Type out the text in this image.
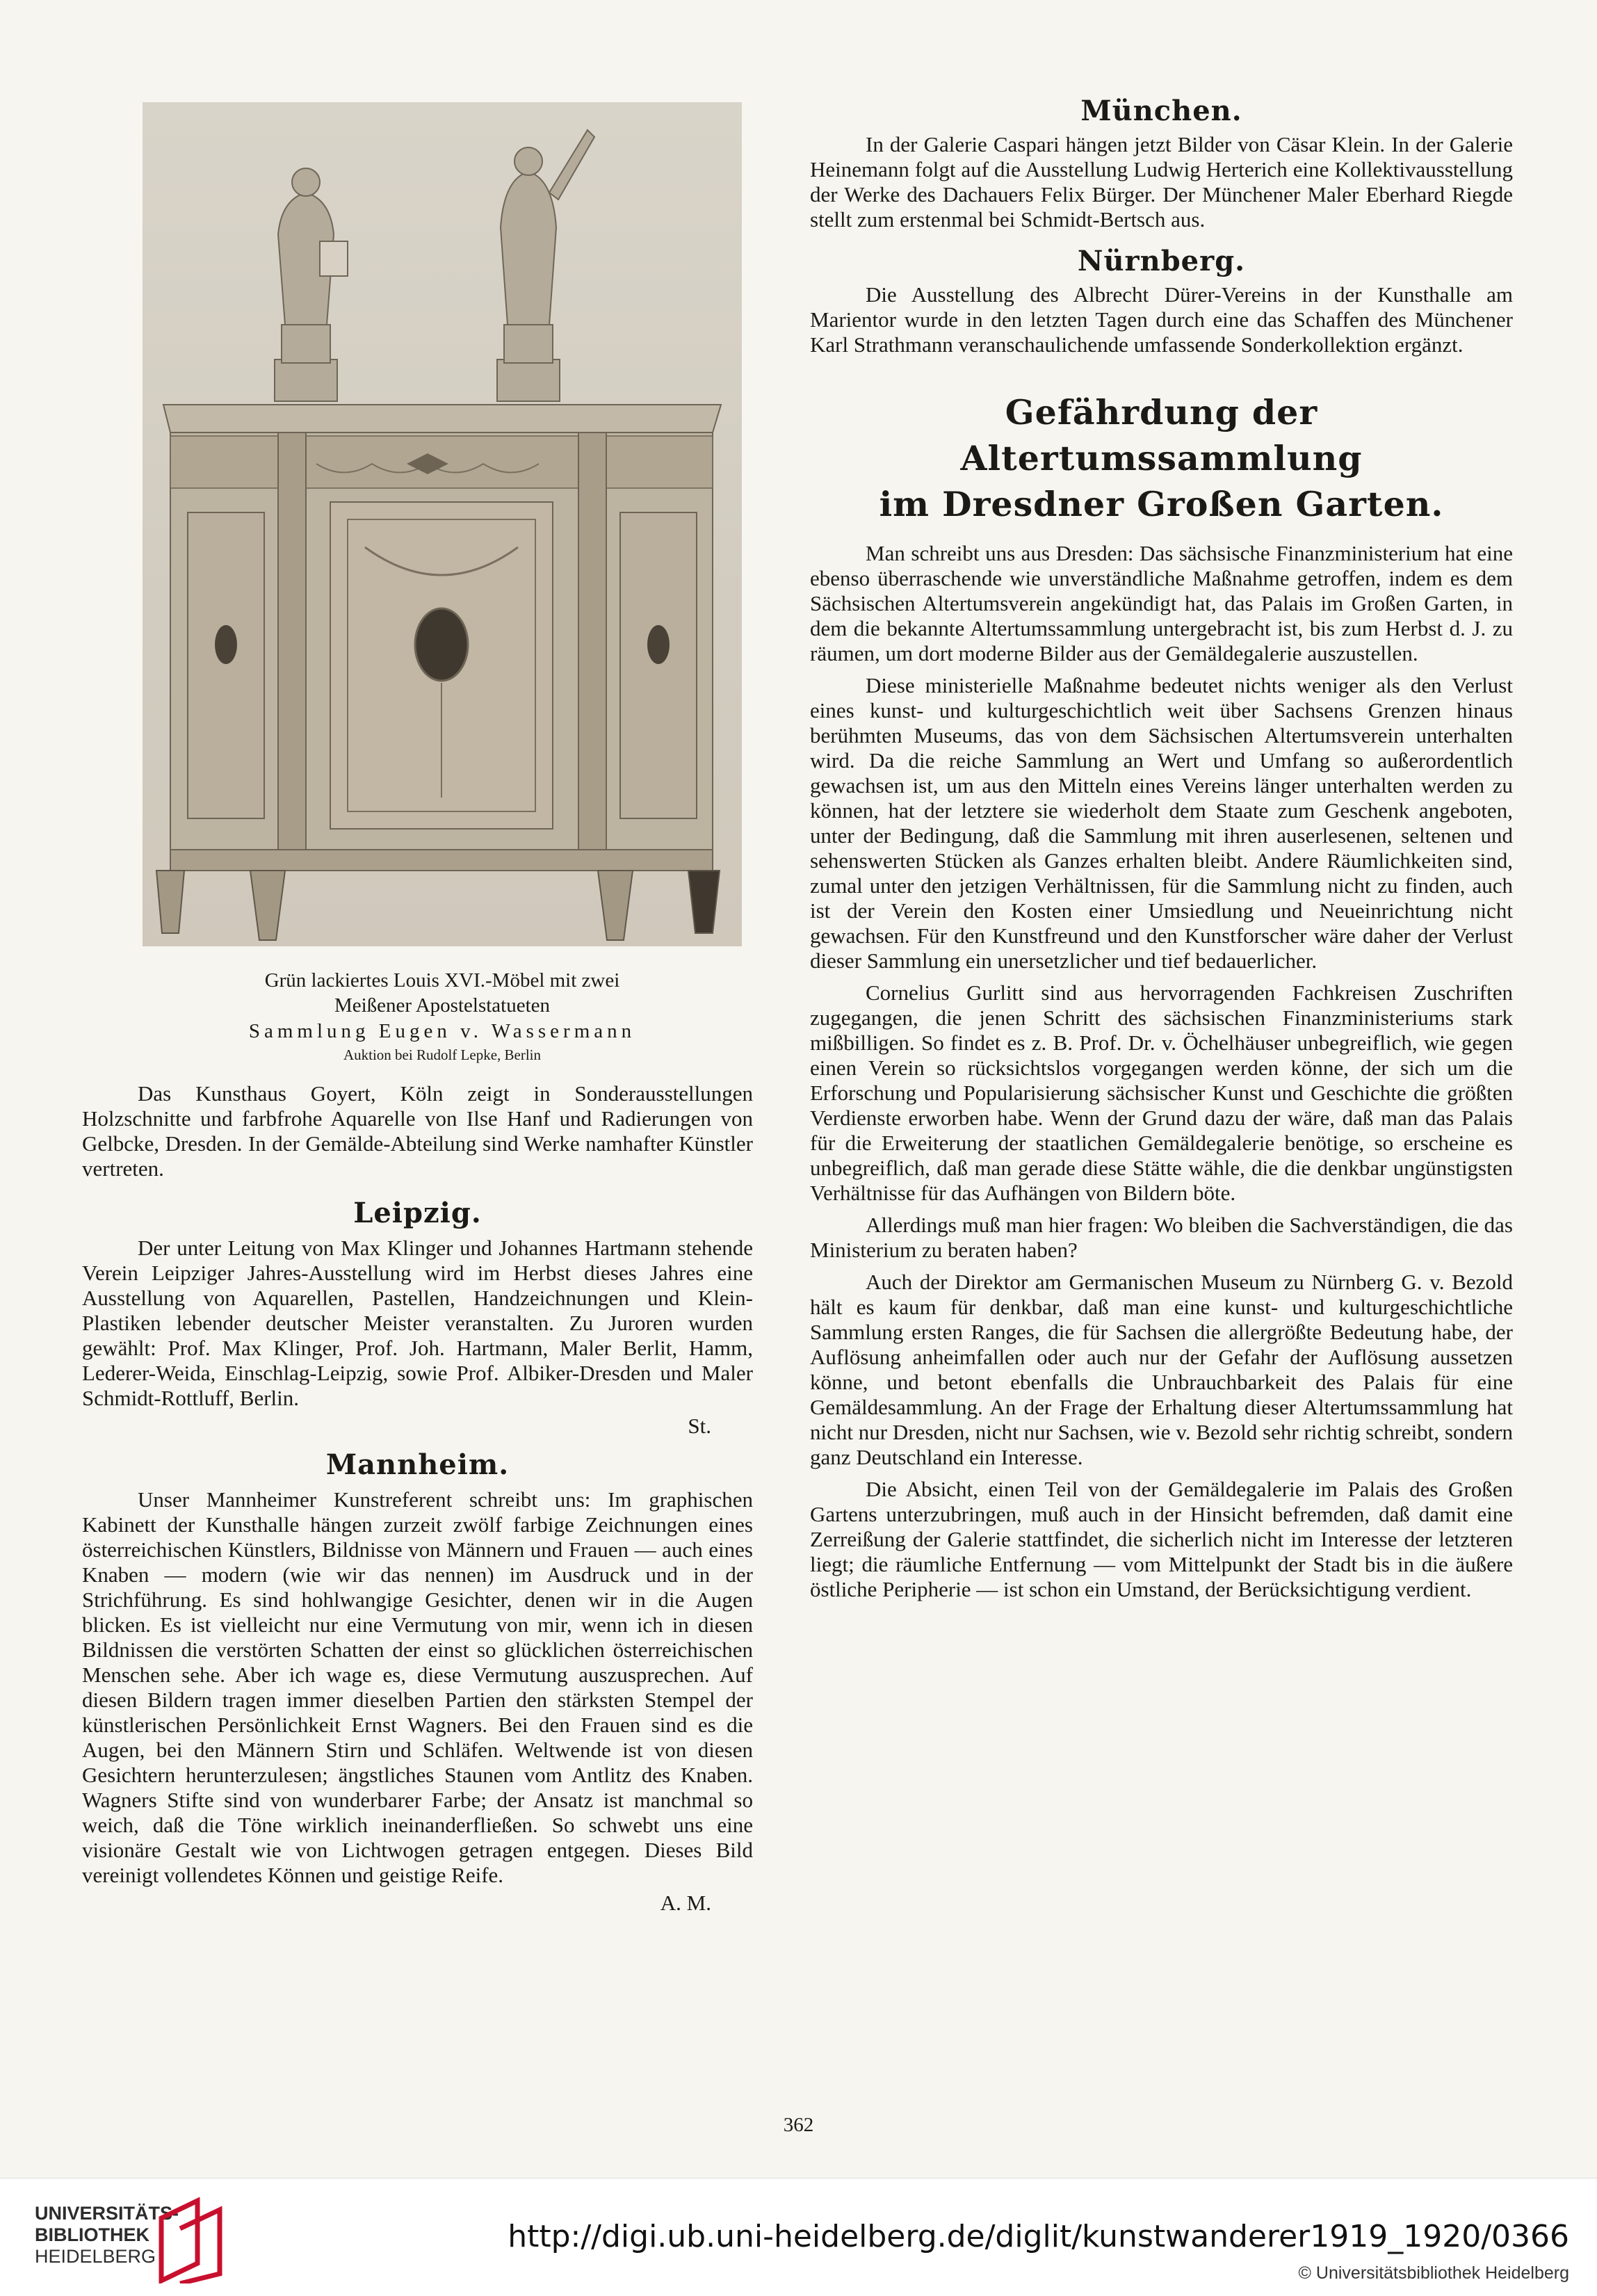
Grün lackiertes Louis XVI.-Möbel mit zwei
Meißener Apostelstatueten
Sammlung Eugen v. Wassermann
Auktion bei Rudolf Lepke, Berlin

Das Kunsthaus Goyert, Köln zeigt in Sonderausstellungen Holzschnitte und farbfrohe Aquarelle von Ilse Hanf und Radierungen von Gelbcke, Dresden. In der Gemälde-Abteilung sind Werke namhafter Künstler vertreten.

Leipzig.

Der unter Leitung von Max Klinger und Johannes Hartmann stehende Verein Leipziger Jahres-Ausstellung wird im Herbst dieses Jahres eine Ausstellung von Aquarellen, Pastellen, Handzeichnungen und Klein-Plastiken lebender deutscher Meister veranstalten. Zu Juroren wurden gewählt: Prof. Max Klinger, Prof. Joh. Hartmann, Maler Berlit, Hamm, Lederer-Weida, Einschlag-Leipzig, sowie Prof. Albiker-Dresden und Maler Schmidt-Rottluff, Berlin.

St.
Mannheim.

Unser Mannheimer Kunstreferent schreibt uns: Im graphischen Kabinett der Kunsthalle hängen zurzeit zwölf farbige Zeichnungen eines österreichischen Künstlers, Bildnisse von Männern und Frauen — auch eines Knaben — modern (wie wir das nennen) im Ausdruck und in der Strichführung. Es sind hohlwangige Gesichter, denen wir in die Augen blicken. Es ist vielleicht nur eine Vermutung von mir, wenn ich in diesen Bildnissen die verstörten Schatten der einst so glücklichen österreichischen Menschen sehe. Aber ich wage es, diese Vermutung auszusprechen. Auf diesen Bildern tragen immer dieselben Partien den stärksten Stempel der künstlerischen Persönlichkeit Ernst Wagners. Bei den Frauen sind es die Augen, bei den Männern Stirn und Schläfen. Weltwende ist von diesen Gesichtern herunterzulesen; ängstliches Staunen vom Antlitz des Knaben. Wagners Stifte sind von wunderbarer Farbe; der Ansatz ist manchmal so weich, daß die Töne wirklich ineinanderfließen. So schwebt uns eine visionäre Gestalt wie von Lichtwogen getragen entgegen. Dieses Bild vereinigt vollendetes Können und geistige Reife.

A. M.
München.

In der Galerie Caspari hängen jetzt Bilder von Cäsar Klein. In der Galerie Heinemann folgt auf die Ausstellung Ludwig Herterich eine Kollektivausstellung der Werke des Dachauers Felix Bürger. Der Münchener Maler Eberhard Riegde stellt zum erstenmal bei Schmidt-Bertsch aus.

Nürnberg.

Die Ausstellung des Albrecht Dürer-Vereins in der Kunsthalle am Marientor wurde in den letzten Tagen durch eine das Schaffen des Münchener Karl Strathmann veranschaulichende umfassende Sonderkollektion ergänzt.

Gefährdung der Altertumssammlung
im Dresdner Großen Garten.

Man schreibt uns aus Dresden: Das sächsische Finanzministerium hat eine ebenso überraschende wie unverständliche Maßnahme getroffen, indem es dem Sächsischen Altertumsverein angekündigt hat, das Palais im Großen Garten, in dem die bekannte Altertumssammlung untergebracht ist, bis zum Herbst d. J. zu räumen, um dort moderne Bilder aus der Gemäldegalerie auszustellen.

Diese ministerielle Maßnahme bedeutet nichts weniger als den Verlust eines kunst- und kulturgeschichtlich weit über Sachsens Grenzen hinaus berühmten Museums, das von dem Sächsischen Altertumsverein unterhalten wird. Da die reiche Sammlung an Wert und Umfang so außerordentlich gewachsen ist, um aus den Mitteln eines Vereins länger unterhalten werden zu können, hat der letztere sie wiederholt dem Staate zum Geschenk angeboten, unter der Bedingung, daß die Sammlung mit ihren auserlesenen, seltenen und sehenswerten Stücken als Ganzes erhalten bleibt. Andere Räumlichkeiten sind, zumal unter den jetzigen Verhältnissen, für die Sammlung nicht zu finden, auch ist der Verein den Kosten einer Umsiedlung und Neueinrichtung nicht gewachsen. Für den Kunstfreund und den Kunstforscher wäre daher der Verlust dieser Sammlung ein unersetzlicher und tief bedauerlicher.

Cornelius Gurlitt sind aus hervorragenden Fachkreisen Zuschriften zugegangen, die jenen Schritt des sächsischen Finanzministeriums stark mißbilligen. So findet es z. B. Prof. Dr. v. Öchelhäuser unbegreiflich, wie gegen einen Verein so rücksichtslos vorgegangen werden könne, der sich um die Erforschung und Popularisierung sächsischer Kunst und Geschichte die größten Verdienste erworben habe. Wenn der Grund dazu der wäre, daß man das Palais für die Erweiterung der staatlichen Gemäldegalerie benötige, so erscheine es unbegreiflich, daß man gerade diese Stätte wähle, die die denkbar ungünstigsten Verhältnisse für das Aufhängen von Bildern böte.

Allerdings muß man hier fragen: Wo bleiben die Sachverständigen, die das Ministerium zu beraten haben?

Auch der Direktor am Germanischen Museum zu Nürnberg G. v. Bezold hält es kaum für denkbar, daß man eine kunst- und kulturgeschichtliche Sammlung ersten Ranges, die für Sachsen die allergrößte Bedeutung habe, der Auflösung anheimfallen oder auch nur der Gefahr der Auflösung aussetzen könne, und betont ebenfalls die Unbrauchbarkeit des Palais für eine Gemäldesammlung. An der Frage der Erhaltung dieser Altertumssammlung hat nicht nur Dresden, nicht nur Sachsen, wie v. Bezold sehr richtig schreibt, sondern ganz Deutschland ein Interesse.

Die Absicht, einen Teil von der Gemäldegalerie im Palais des Großen Gartens unterzubringen, muß auch in der Hinsicht befremden, daß damit eine Zerreißung der Galerie stattfindet, die sicherlich nicht im Interesse der letzteren liegt; die räumliche Entfernung — vom Mittelpunkt der Stadt bis in die äußere östliche Peripherie — ist schon ein Umstand, der Berücksichtigung verdient.

362
UNIVERSITÄTS-
BIBLIOTHEK
HEIDELBERG
http://digi.ub.uni-heidelberg.de/diglit/kunstwanderer1919_1920/0366
© Universitätsbibliothek Heidelberg
